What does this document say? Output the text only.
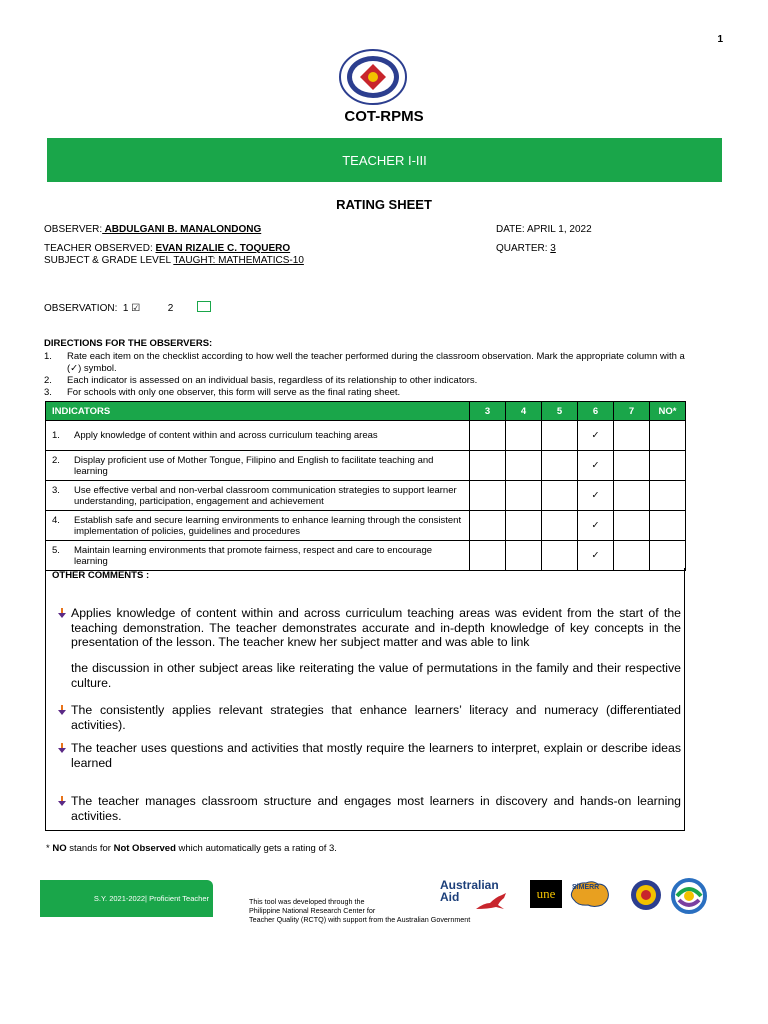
1
COT-RPMS
TEACHER I-III
RATING SHEET
OBSERVER: ABDULGANI B. MANALONDONG	DATE: APRIL 1, 2022
TEACHER OBSERVED: EVAN RIZALIE C. TOQUERO	QUARTER: 3
SUBJECT & GRADE LEVEL TAUGHT: MATHEMATICS-10
OBSERVATION: 1 ☑	2
DIRECTIONS FOR THE OBSERVERS:
1. Rate each item on the checklist according to how well the teacher performed during the classroom observation. Mark the appropriate column with a (✓) symbol.
2. Each indicator is assessed on an individual basis, regardless of its relationship to other indicators.
3. For schools with only one observer, this form will serve as the final rating sheet.
INDICATORS	3	4	5	6	7	NO*

1. Apply knowledge of content within and across curriculum teaching areas				✓		

2. Display proficient use of Mother Tongue, Filipino and English to facilitate teaching and learning				✓		

3. Use effective verbal and non-verbal classroom communication strategies to support learner understanding, participation, engagement and achievement				✓		

4. Establish safe and secure learning environments to enhance learning through the consistent implementation of policies, guidelines and procedures				✓		

5. Maintain learning environments that promote fairness, respect and care to encourage learning				✓		
OTHER COMMENTS :
Applies knowledge of content within and across curriculum teaching areas was evident from the start of the teaching demonstration. The teacher demonstrates accurate and in-depth knowledge of key concepts in the presentation of the lesson. The teacher knew her subject matter and was able to link
the discussion in other subject areas like reiterating the value of permutations in the family and their respective culture.
The consistently applies relevant strategies that enhance learners’ literacy and numeracy (differentiated activities).
The teacher uses questions and activities that mostly require the learners to interpret, explain or describe ideas learned
The teacher manages classroom structure and engages most learners in discovery and hands-on learning activities.
* NO stands for Not Observed which automatically gets a rating of 3.
S.Y. 2021-2022| Proficient Teacher	This tool was developed through the
Philippine National Research Center for
Teacher Quality (RCTQ) with support from the Australian Government
Australian
Aid	une SiMERR
